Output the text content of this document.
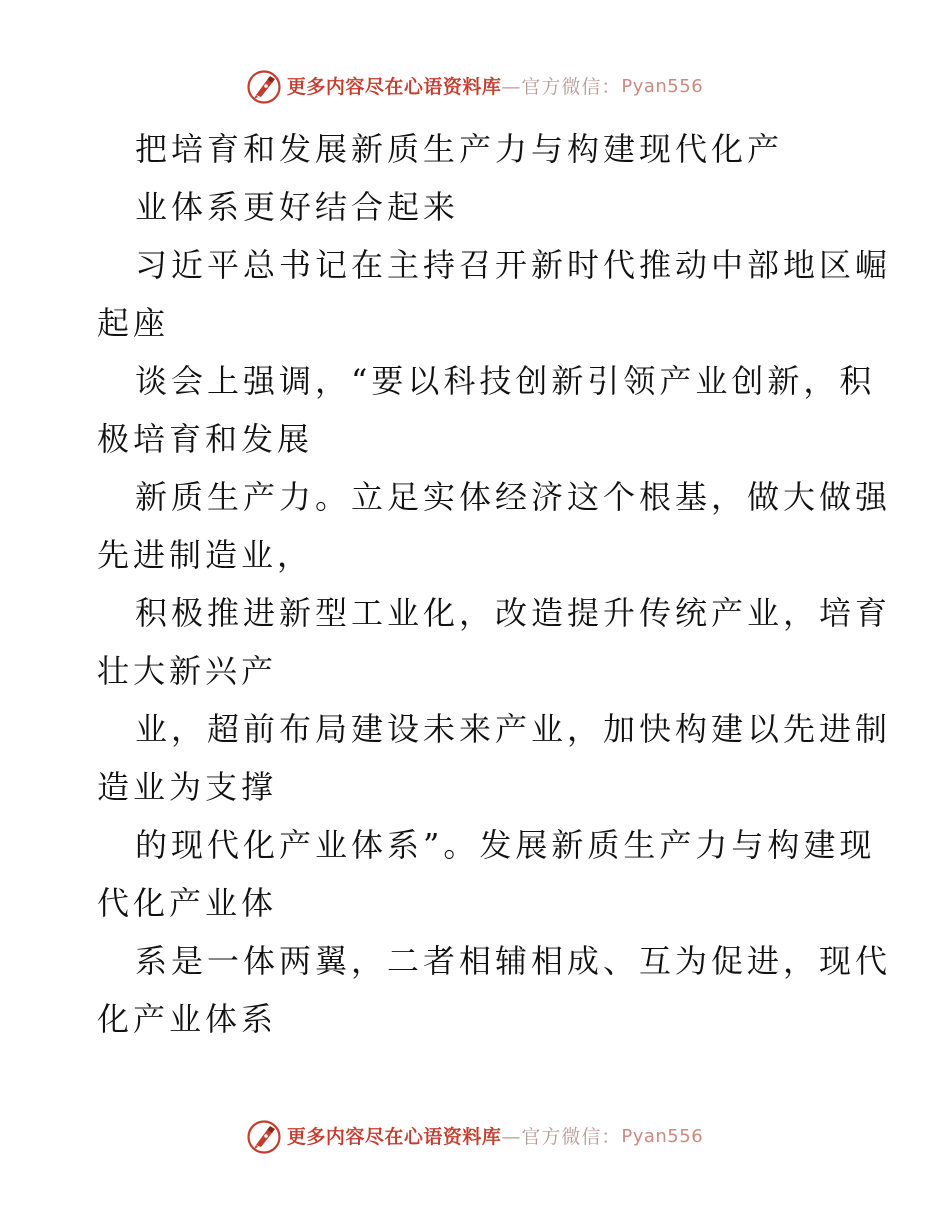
更多内容尽在心语资料库 —官方微信： Pyan556
把培育和发展新质生产力与构建现代化产
业体系更好结合起来
习近平总书记在主持召开新时代推动中部地区崛
起座
谈会上强调，“要以科技创新引领产业创新，积
极培育和发展
新质生产力。立足实体经济这个根基，做大做强
先进制造业，
积极推进新型工业化，改造提升传统产业，培育
壮大新兴产
业，超前布局建设未来产业，加快构建以先进制
造业为支撑
的现代化产业体系”。发展新质生产力与构建现
代化产业体
系是一体两翼，二者相辅相成、互为促进，现代
化产业体系
更多内容尽在心语资料库 —官方微信： Pyan556
